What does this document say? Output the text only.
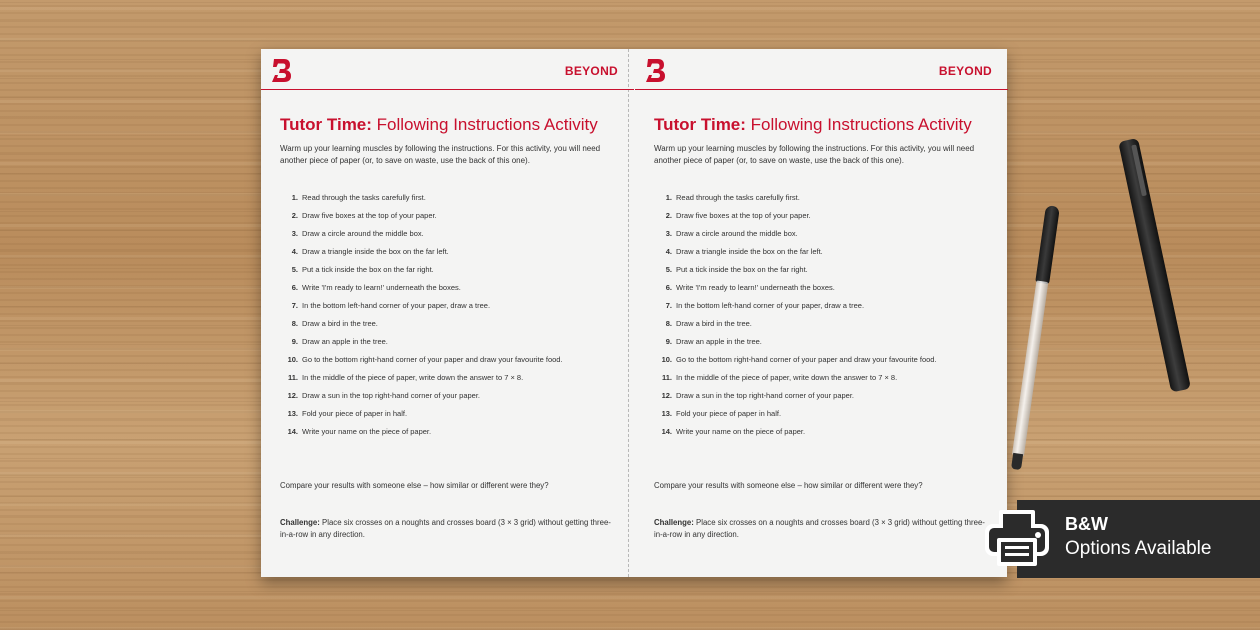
BEYOND
Tutor Time: Following Instructions Activity

Warm up your learning muscles by following the instructions. For this activity, you will need another piece of paper (or, to save on waste, use the back of this one).

1. Read through the tasks carefully first.
2. Draw five boxes at the top of your paper.
3. Draw a circle around the middle box.
4. Draw a triangle inside the box on the far left.
5. Put a tick inside the box on the far right.
6. Write 'I'm ready to learn!' underneath the boxes.
7. In the bottom left-hand corner of your paper, draw a tree.
8. Draw a bird in the tree.
9. Draw an apple in the tree.
10. Go to the bottom right-hand corner of your paper and draw your favourite food.
11. In the middle of the piece of paper, write down the answer to 7 × 8.
12. Draw a sun in the top right-hand corner of your paper.
13. Fold your piece of paper in half.
14. Write your name on the piece of paper.

Compare your results with someone else – how similar or different were they?

Challenge: Place six crosses on a noughts and crosses board (3 × 3 grid) without getting three-in-a-row in any direction.

BEYOND
Tutor Time: Following Instructions Activity

Warm up your learning muscles by following the instructions. For this activity, you will need another piece of paper (or, to save on waste, use the back of this one).

1. Read through the tasks carefully first.
2. Draw five boxes at the top of your paper.
3. Draw a circle around the middle box.
4. Draw a triangle inside the box on the far left.
5. Put a tick inside the box on the far right.
6. Write 'I'm ready to learn!' underneath the boxes.
7. In the bottom left-hand corner of your paper, draw a tree.
8. Draw a bird in the tree.
9. Draw an apple in the tree.
10. Go to the bottom right-hand corner of your paper and draw your favourite food.
11. In the middle of the piece of paper, write down the answer to 7 × 8.
12. Draw a sun in the top right-hand corner of your paper.
13. Fold your piece of paper in half.
14. Write your name on the piece of paper.

Compare your results with someone else – how similar or different were they?

Challenge: Place six crosses on a noughts and crosses board (3 × 3 grid) without getting three-in-a-row in any direction.

B&W
Options Available
